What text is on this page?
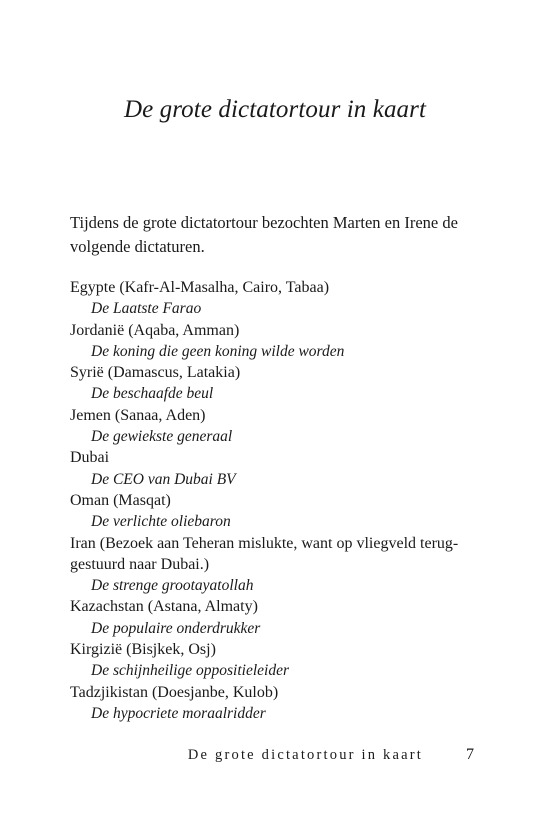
De grote dictatortour in kaart
Tijdens de grote dictatortour bezochten Marten en Irene de
volgende dictaturen.
Egypte (Kafr-Al-Masalha, Cairo, Tabaa)
De Laatste Farao
Jordanië (Aqaba, Amman)
De koning die geen koning wilde worden
Syrië (Damascus, Latakia)
De beschaafde beul
Jemen (Sanaa, Aden)
De gewiekste generaal
Dubai
De CEO van Dubai BV
Oman (Masqat)
De verlichte oliebaron
Iran (Bezoek aan Teheran mislukte, want op vliegveld terug-
gestuurd naar Dubai.)
De strenge grootayatollah
Kazachstan (Astana, Almaty)
De populaire onderdrukker
Kirgizië (Bisjkek, Osj)
De schijnheilige oppositieleider
Tadzjikistan (Doesjanbe, Kulob)
De hypocriete moraalridder
De grote dictatortour in kaart	7
